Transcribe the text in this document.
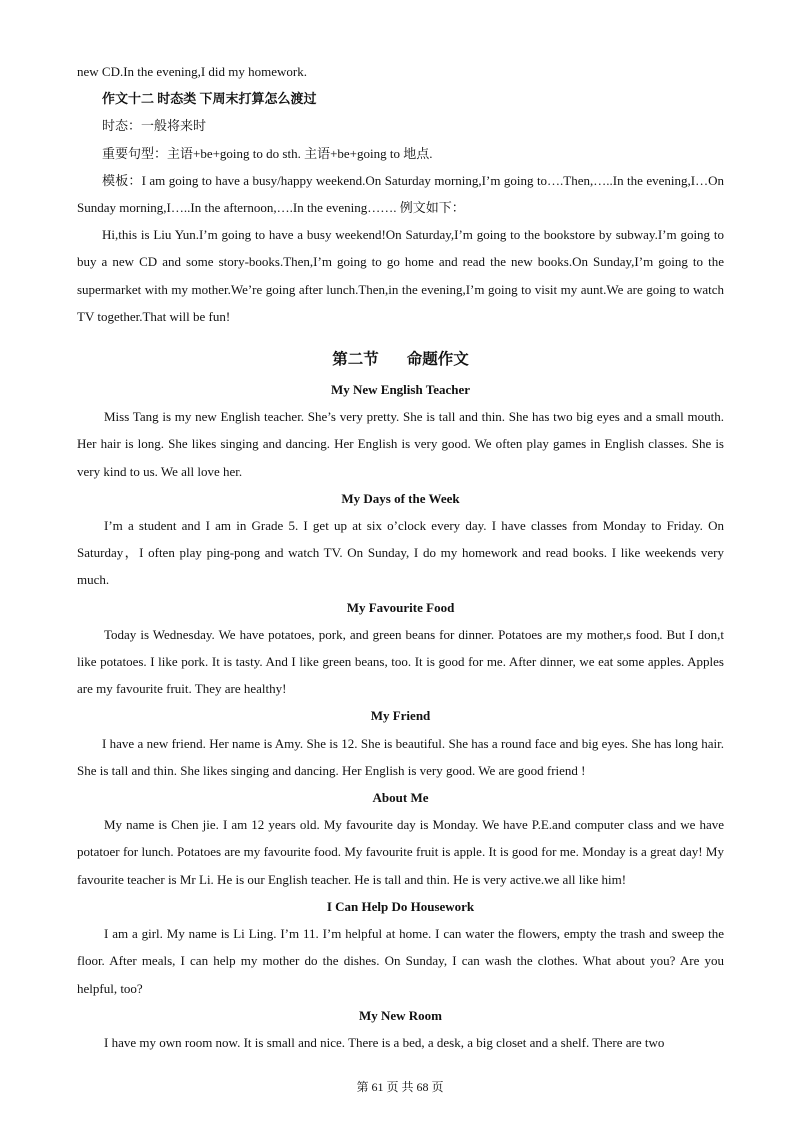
new CD.In the evening,I did my homework.

作文十二 时态类 下周末打算怎么渡过

时态：一般将来时

重要句型：主语+be+going to do sth. 主语+be+going to 地点.

模板：I am going to have a busy/happy weekend.On Saturday morning,I’m going to….Then,…..In the evening,I…On Sunday morning,I…..In the afternoon,….In the evening……. 例文如下：

Hi,this is Liu Yun.I’m going to have a busy weekend!On Saturday,I’m going to the bookstore by subway.I’m going to buy a new CD and some story-books.Then,I’m going to go home and read the new books.On Sunday,I’m going to the supermarket with my mother.We’re going after lunch.Then,in the evening,I’m going to visit my aunt.We are going to watch TV together.That will be fun!

第二节 命题作文
My New English Teacher

Miss Tang is my new English teacher. She’s very pretty. She is tall and thin. She has two big eyes and a small mouth. Her hair is long. She likes singing and dancing. Her English is very good. We often play games in English classes. She is very kind to us. We all love her.

My Days of the Week

I’m a student and I am in Grade 5. I get up at six o’clock every day. I have classes from Monday to Friday. On Saturday，I often play ping-pong and watch TV. On Sunday, I do my homework and read books. I like weekends very much.

My Favourite Food

Today is Wednesday. We have potatoes, pork, and green beans for dinner. Potatoes are my mother,s food. But I don,t like potatoes. I like pork. It is tasty. And I like green beans, too. It is good for me. After dinner, we eat some apples. Apples are my favourite fruit. They are healthy!

My Friend

I have a new friend. Her name is Amy. She is 12. She is beautiful. She has a round face and big eyes. She has long hair. She is tall and thin. She likes singing and dancing. Her English is very good. We are good friend !

About Me

My name is Chen jie. I am 12 years old. My favourite day is Monday. We have P.E.and computer class and we have potatoer for lunch. Potatoes are my favourite food. My favourite fruit is apple. It is good for me. Monday is a great day! My favourite teacher is Mr Li. He is our English teacher. He is tall and thin. He is very active.we all like him!

I Can Help Do Housework

I am a girl. My name is Li Ling. I’m 11. I’m helpful at home. I can water the flowers, empty the trash and sweep the floor. After meals, I can help my mother do the dishes. On Sunday, I can wash the clothes. What about you? Are you helpful, too?

My New Room

I have my own room now. It is small and nice. There is a bed, a desk, a big closet and a shelf. There are two

第 61 页 共 68 页
